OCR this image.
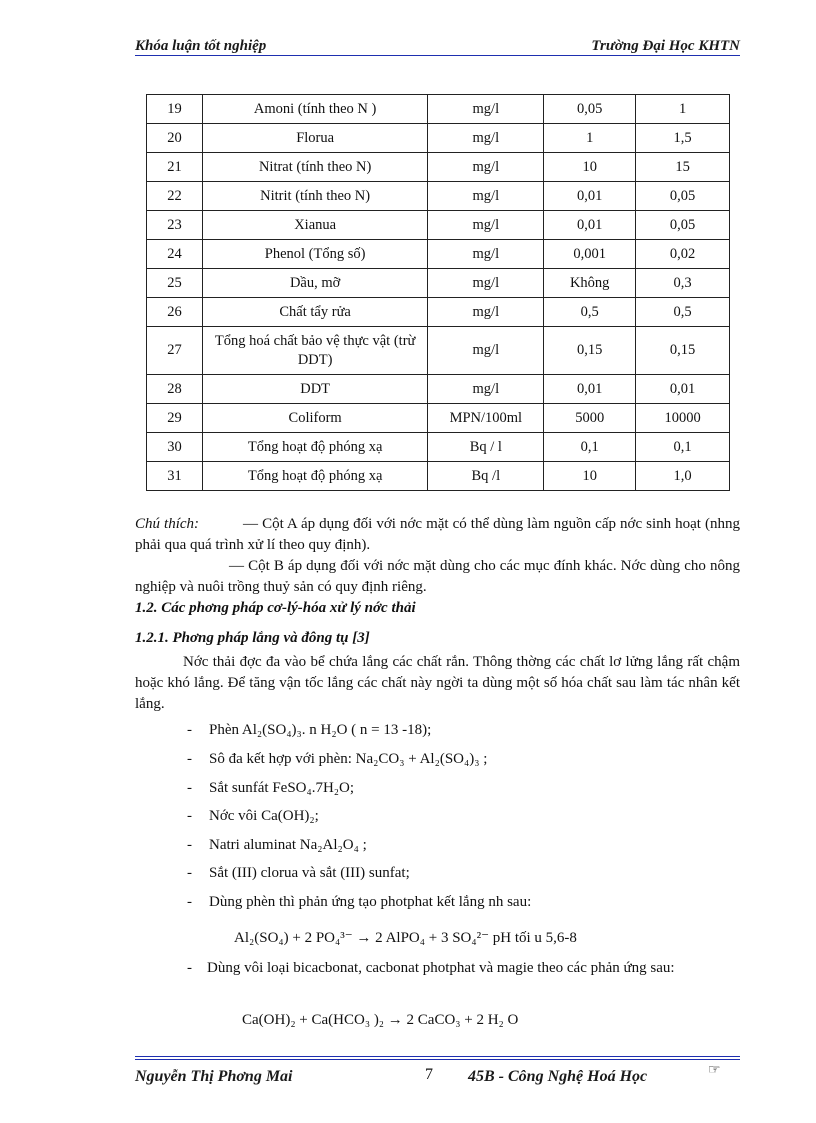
Khóa luận tốt nghiệp	Trường Đại Học KHTN
19	Amoni (tính theo N )	mg/l	0,05	1
20	Florua	mg/l	1	1,5
21	Nitrat (tính theo N)	mg/l	10	15
22	Nitrit (tính theo N)	mg/l	0,01	0,05
23	Xianua	mg/l	0,01	0,05
24	Phenol (Tổng số)	mg/l	0,001	0,02
25	Dầu, mỡ	mg/l	Không	0,3
26	Chất tẩy rửa	mg/l	0,5	0,5
27	Tổng hoá chất bảo vệ thực vật (trừ DDT)	mg/l	0,15	0,15
28	DDT	mg/l	0,01	0,01
29	Coliform	MPN/100ml	5000	10000
30	Tổng hoạt độ phóng xạ	Bq / l	0,1	0,1
31	Tổng hoạt độ phóng xạ	Bq /l	10	1,0
Chú thích:	— Cột A áp dụng đối với nớc mặt có thể dùng làm nguồn cấp nớc sinh hoạt (nhng phải qua quá trình xử lí theo quy định).
— Cột B áp dụng đối với nớc mặt dùng cho các mục đính khác. Nớc dùng cho nông nghiệp và nuôi trồng thuỷ sản có quy định riêng.
1.2. Các phơng pháp cơ-lý-hóa xử lý nớc thải
1.2.1. Phơng pháp lắng và đông tụ [3]
Nớc thải đợc đa vào bể chứa lắng các chất rắn. Thông thờng các chất lơ lửng lắng rất chậm hoặc khó lắng. Để tăng vận tốc lắng các chất này ngời ta dùng một số hóa chất sau làm tác nhân kết lắng.
- Phèn Al₂(SO₄)₃. n H₂O ( n = 13 -18);
- Sô đa kết hợp với phèn: Na₂CO₃ + Al₂(SO₄)₃ ;
- Sắt sunfát FeSO₄.7H₂O;
- Nớc vôi Ca(OH)₂;
- Natri aluminat Na₂Al₂O₄ ;
- Sắt (III) clorua và sắt (III) sunfat;
- Dùng phèn thì phản ứng tạo photphat kết lắng nh sau:
Al₂(SO₄) + 2 PO₄³⁻ → 2 AlPO₄ + 3 SO₄²⁻ pH tối u 5,6-8
- Dùng vôi loại bicacbonat, cacbonat photphat và magie theo các phản ứng sau:
Ca(OH)₂ + Ca(HCO₃ )₂ → 2 CaCO₃ + 2 H₂ O
Nguyễn Thị Phơng Mai	7 45B - Công Nghệ Hoá Học	☞
